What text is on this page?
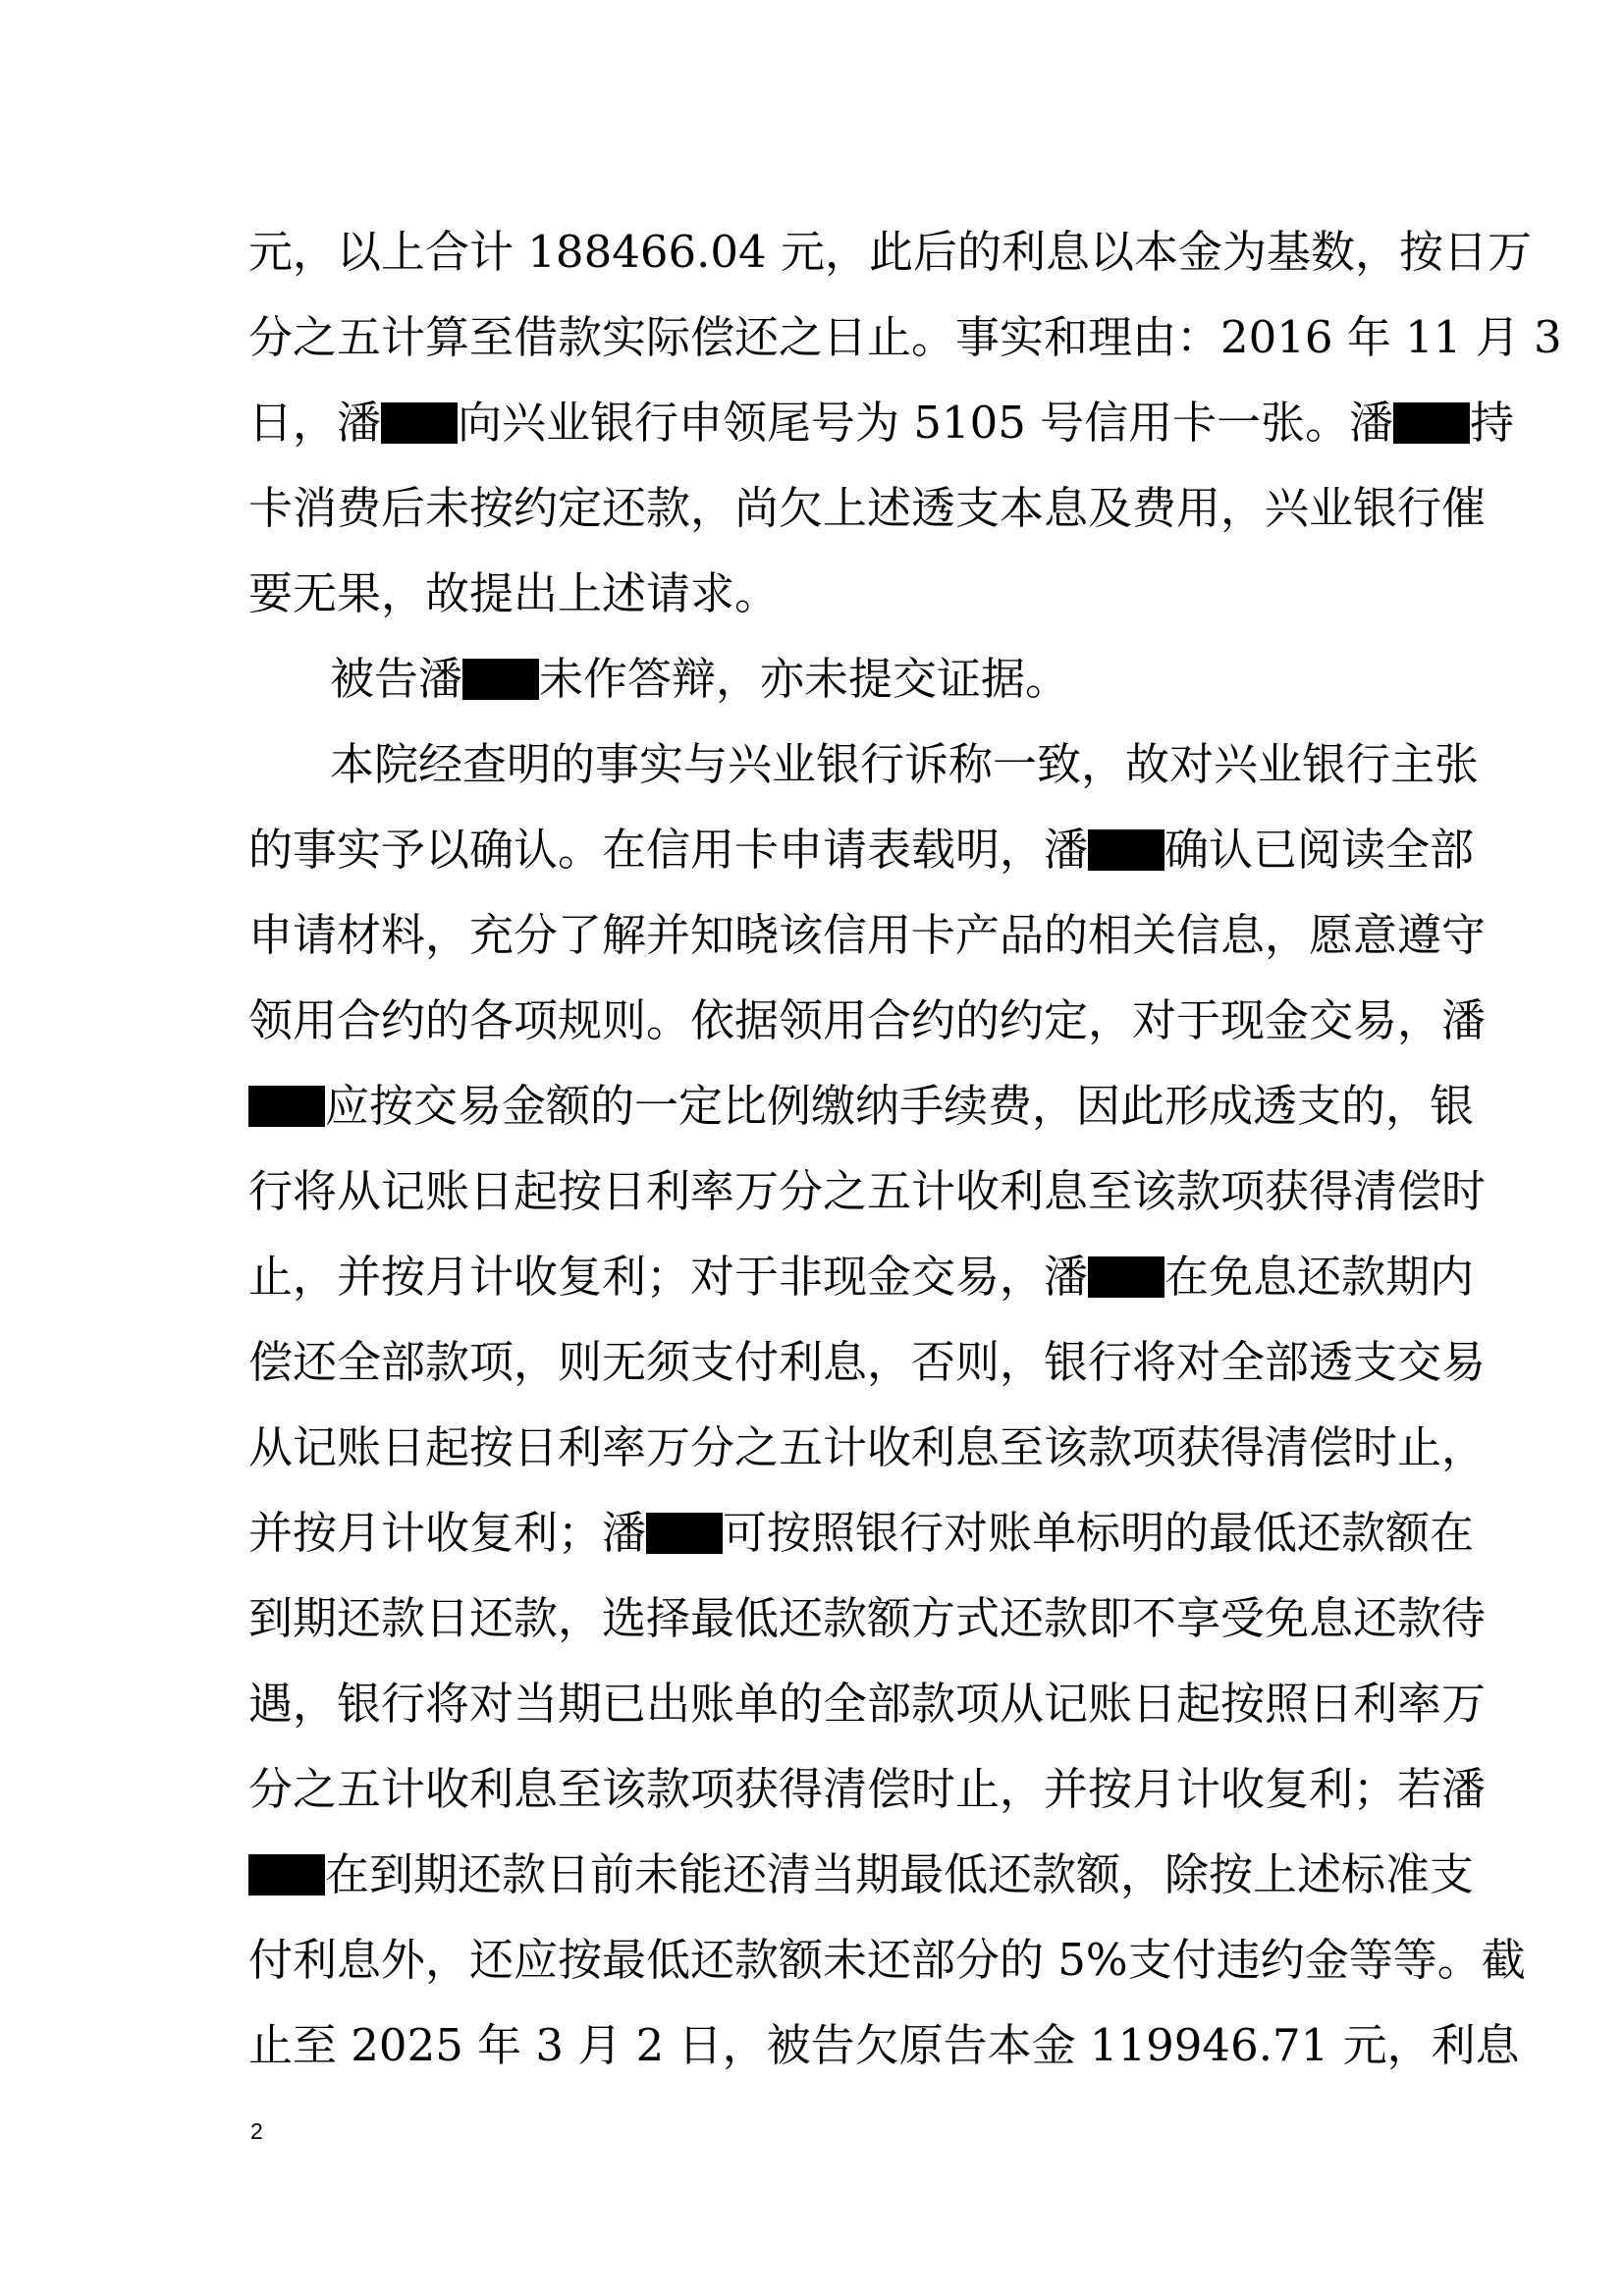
元，以上合计 188466.04 元，此后的利息以本金为基数，按日万
分之五计算至借款实际偿还之日止。事实和理由：2016 年 11 月 3
日，潘 向兴业银行申领尾号为 5105 号信用卡一张。潘 持
卡消费后未按约定还款，尚欠上述透支本息及费用，兴业银行催
要无果，故提出上述请求。
被告潘 未作答辩，亦未提交证据。
本院经查明的事实与兴业银行诉称一致，故对兴业银行主张
的事实予以确认。在信用卡申请表载明，潘 确认已阅读全部
申请材料，充分了解并知晓该信用卡产品的相关信息，愿意遵守
领用合约的各项规则。依据领用合约的约定，对于现金交易，潘
应按交易金额的一定比例缴纳手续费，因此形成透支的，银
行将从记账日起按日利率万分之五计收利息至该款项获得清偿时
止，并按月计收复利；对于非现金交易，潘 在免息还款期内
偿还全部款项，则无须支付利息，否则，银行将对全部透支交易
从记账日起按日利率万分之五计收利息至该款项获得清偿时止，
并按月计收复利；潘 可按照银行对账单标明的最低还款额在
到期还款日还款，选择最低还款额方式还款即不享受免息还款待
遇，银行将对当期已出账单的全部款项从记账日起按照日利率万
分之五计收利息至该款项获得清偿时止，并按月计收复利；若潘
在到期还款日前未能还清当期最低还款额，除按上述标准支
付利息外，还应按最低还款额未还部分的 5%支付违约金等等。截
止至 2025 年 3 月 2 日，被告欠原告本金 119946.71 元，利息
2
